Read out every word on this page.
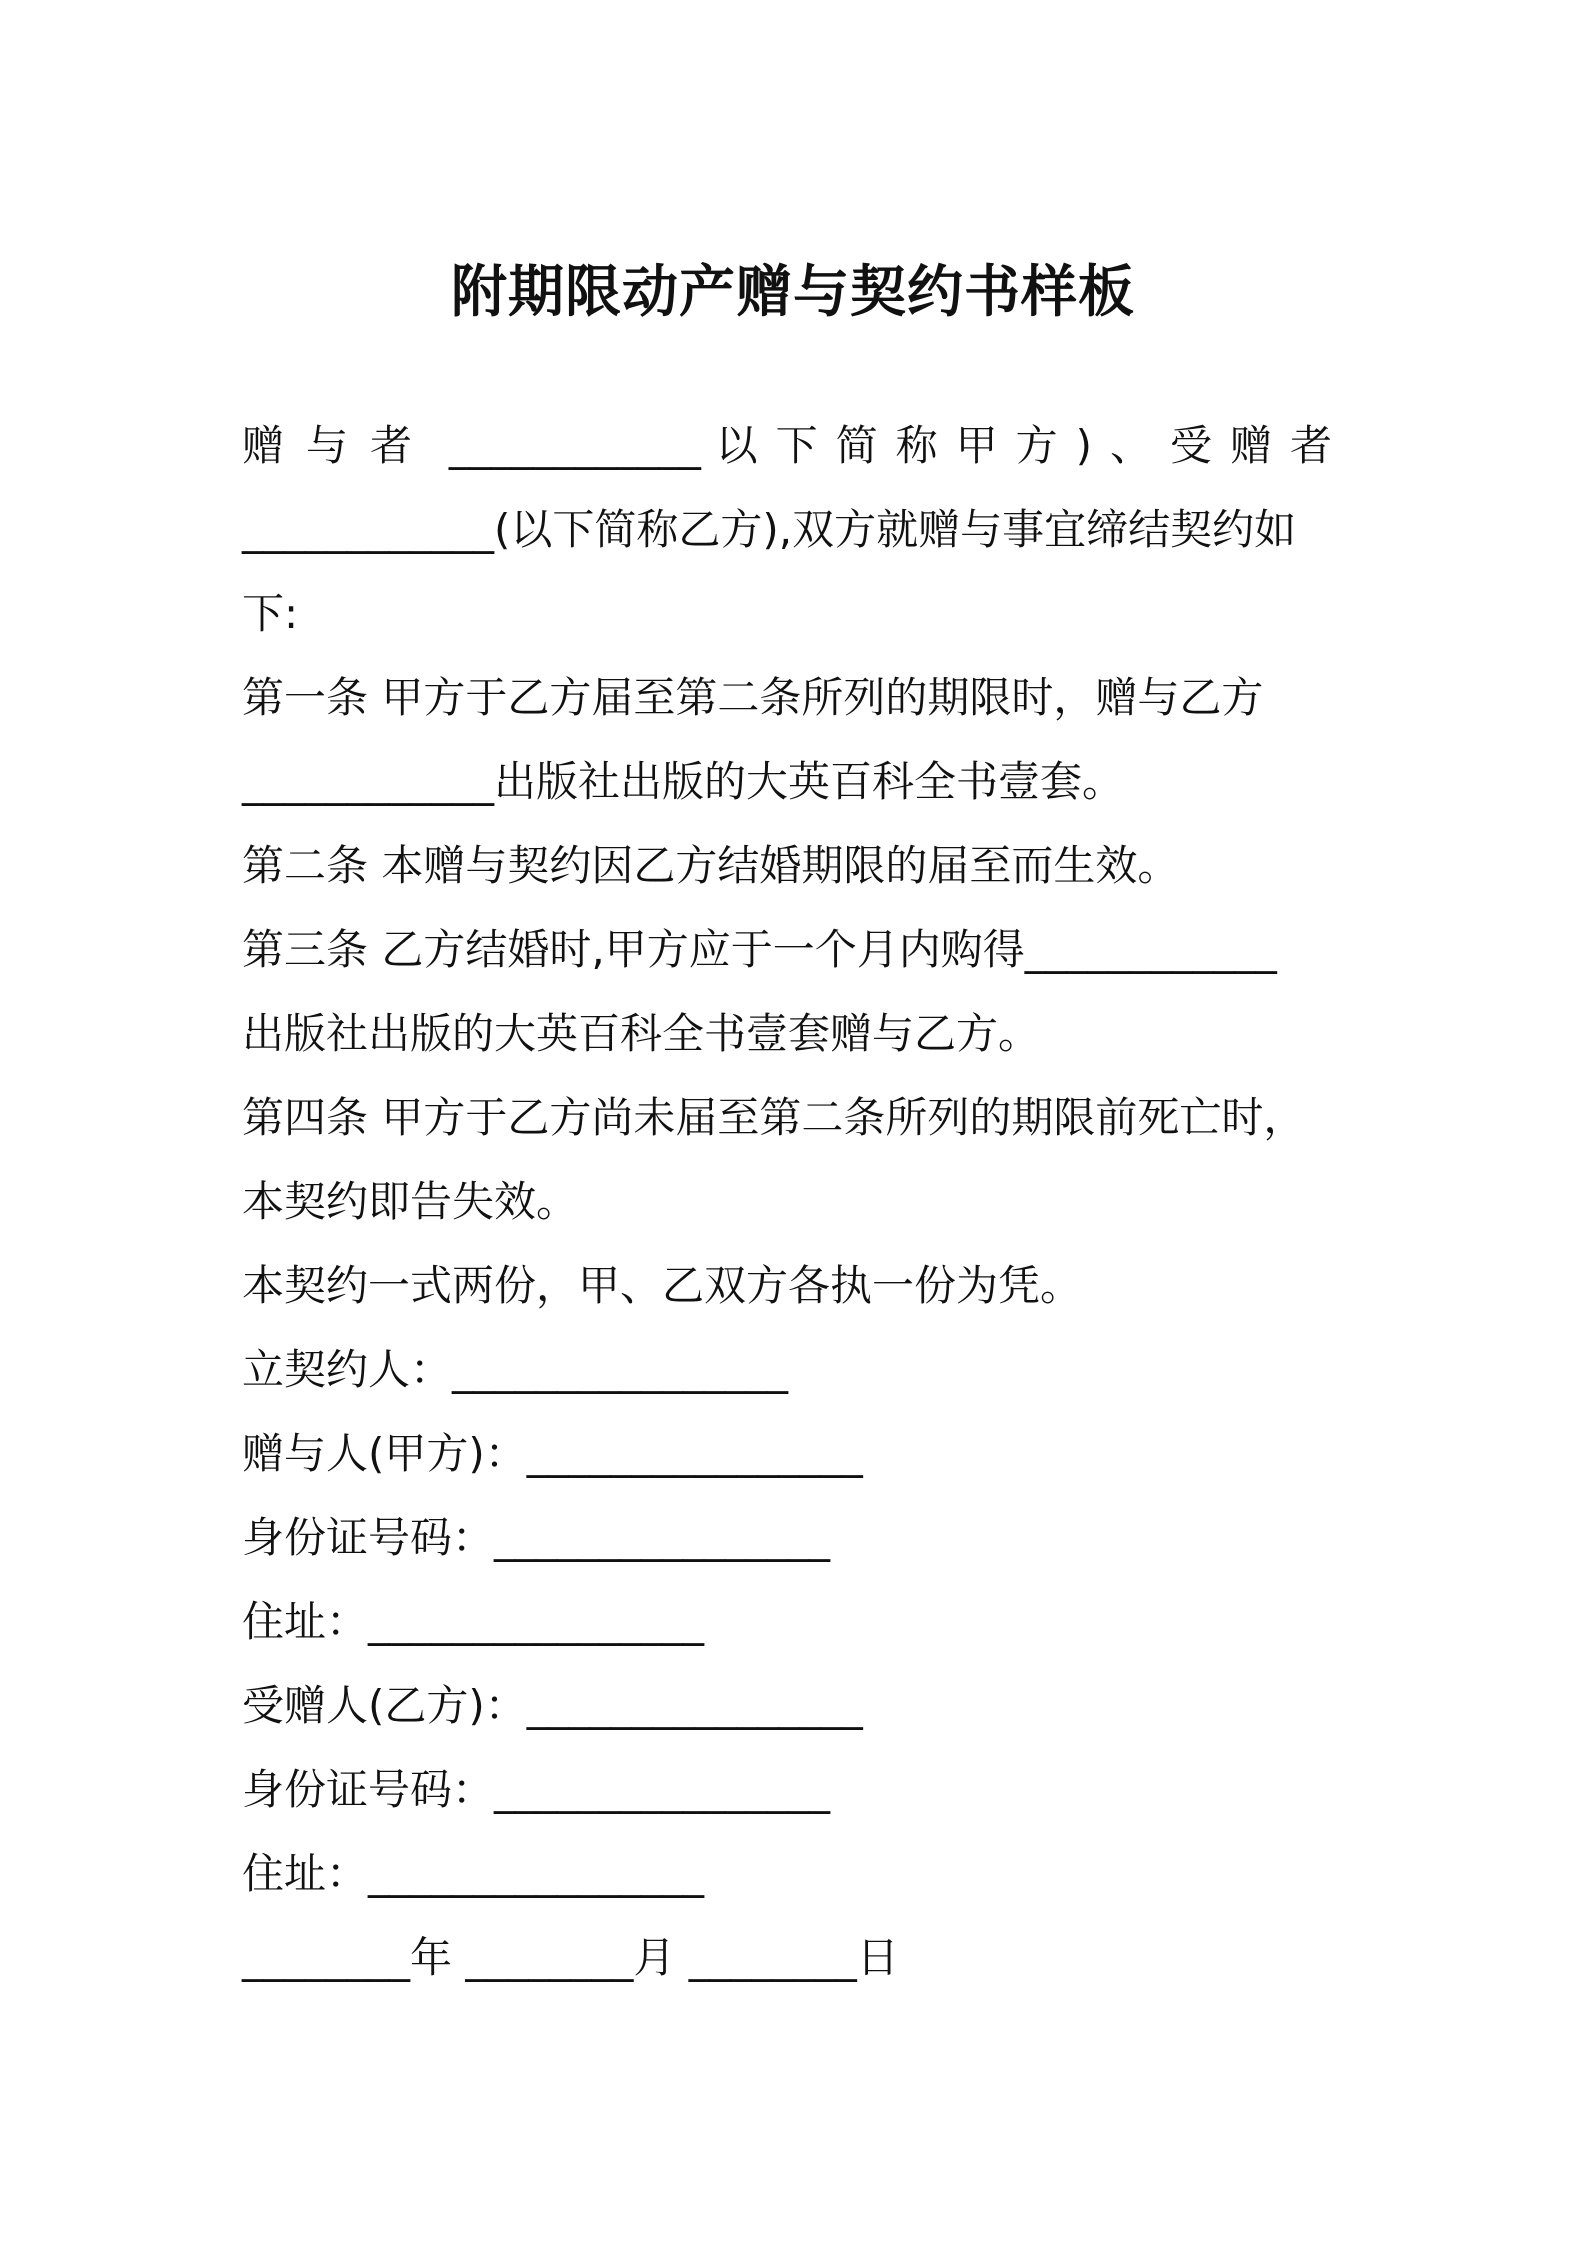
附期限动产赠与契约书样板
赠与者 ____________ 以下简称甲方)、受赠者
____________(以下简称乙方),双方就赠与事宜缔结契约如
下:
第一条 甲方于乙方届至第二条所列的期限时，赠与乙方
____________出版社出版的大英百科全书壹套。
第二条 本赠与契约因乙方结婚期限的届至而生效。
第三条 乙方结婚时,甲方应于一个月内购得____________
出版社出版的大英百科全书壹套赠与乙方。
第四条 甲方于乙方尚未届至第二条所列的期限前死亡时，
本契约即告失效。
本契约一式两份，甲、乙双方各执一份为凭。
立契约人：________________
赠与人(甲方)：________________
身份证号码：________________
住址：________________
受赠人(乙方)：________________
身份证号码：________________
住址：________________
________年 ________月 ________日
